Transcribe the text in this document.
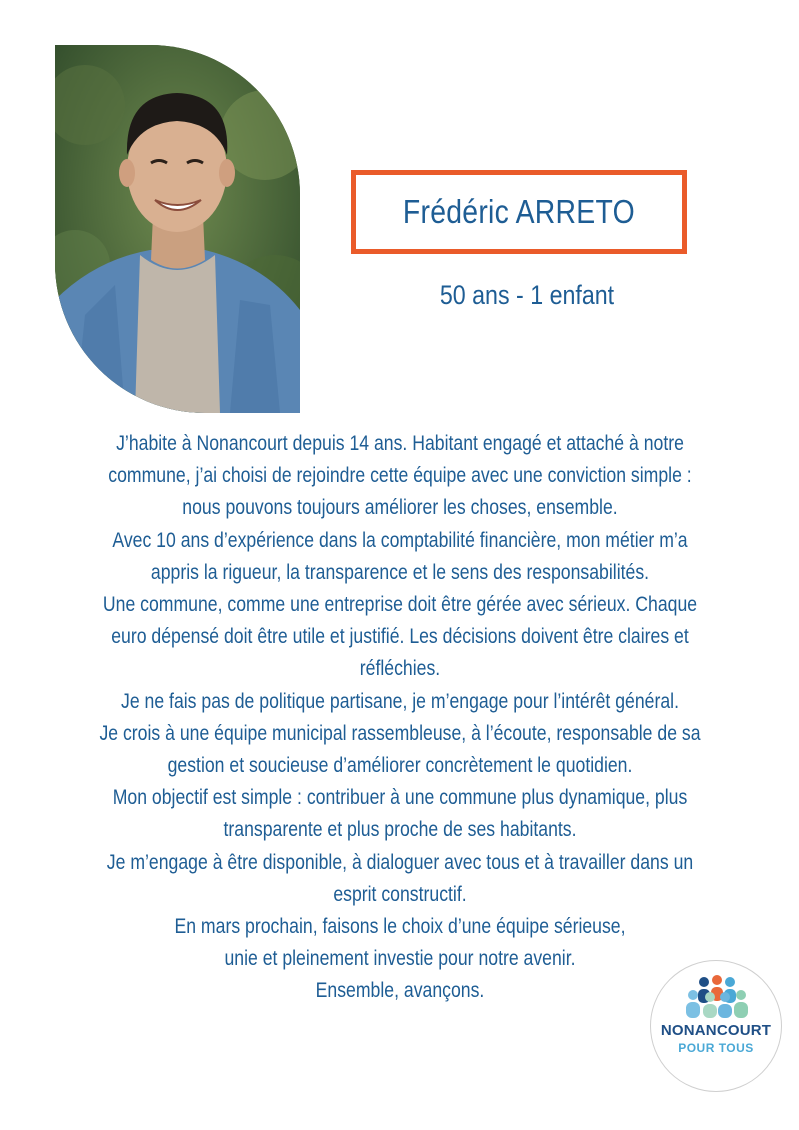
Frédéric ARRETO
50 ans - 1 enfant
J’habite à Nonancourt depuis 14 ans. Habitant engagé et attaché à notre
commune, j’ai choisi de rejoindre cette équipe avec une conviction simple :
nous pouvons toujours améliorer les choses, ensemble.
Avec 10 ans d’expérience dans la comptabilité financière, mon métier m’a
appris la rigueur, la transparence et le sens des responsabilités.
Une commune, comme une entreprise doit être gérée avec sérieux. Chaque
euro dépensé doit être utile et justifié. Les décisions doivent être claires et
réfléchies.
Je ne fais pas de politique partisane, je m’engage pour l’intérêt général.
Je crois à une équipe municipal rassembleuse, à l’écoute, responsable de sa
gestion et soucieuse d’améliorer concrètement le quotidien.
Mon objectif est simple : contribuer à une commune plus dynamique, plus
transparente et plus proche de ses habitants.
Je m’engage à être disponible, à dialoguer avec tous et à travailler dans un
esprit constructif.
En mars prochain, faisons le choix d’une équipe sérieuse,
unie et pleinement investie pour notre avenir.
Ensemble, avançons.
NONANCOURT
POUR TOUS
